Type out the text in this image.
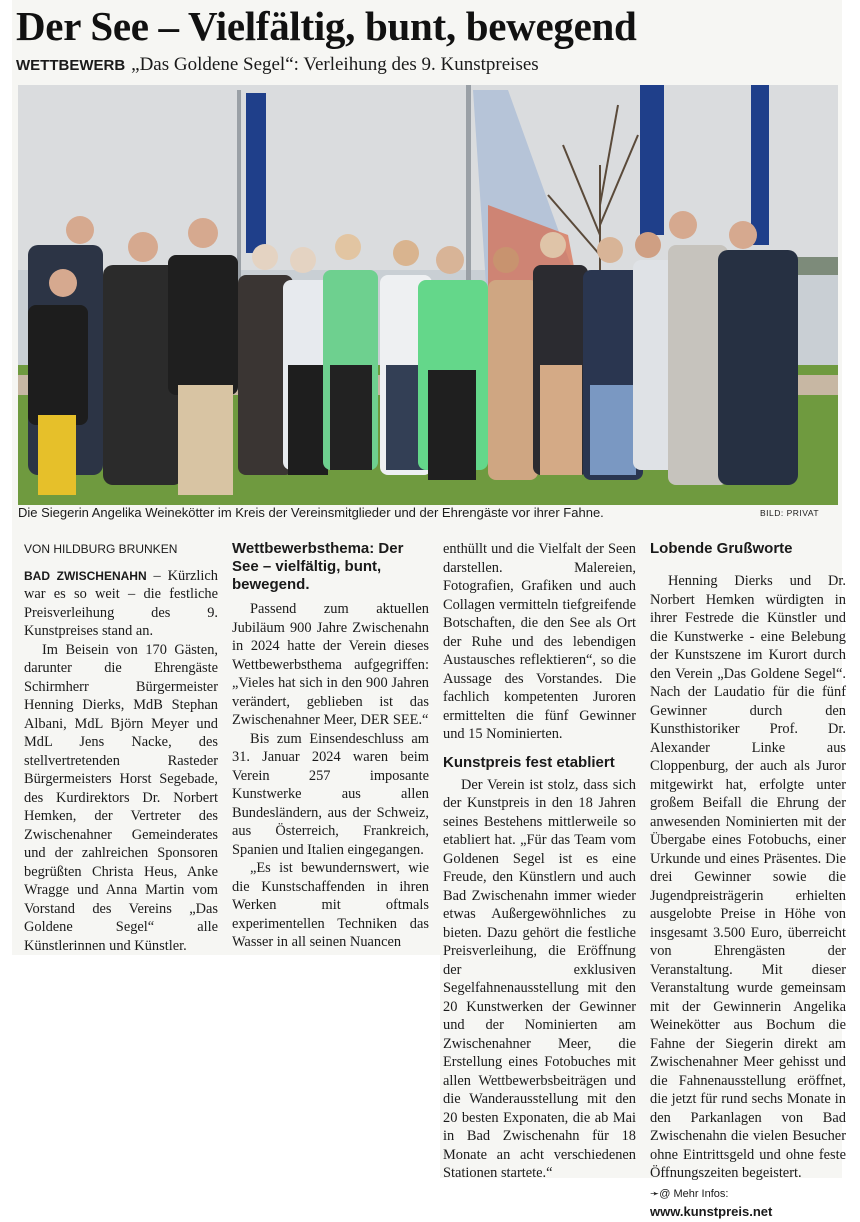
Der See – Vielfältig, bunt, bewegend
WETTBEWERB „Das Goldene Segel“: Verleihung des 9. Kunstpreises
Die Siegerin Angelika Weinekötter im Kreis der Vereinsmitglieder und der Ehrengäste vor ihrer Fahne.	BILD: PRIVAT
VON HILDBURG BRUNKEN

BAD ZWISCHENAHN – Kürzlich war es so weit – die festliche Preisverleihung des 9. Kunstpreises stand an.

Im Beisein von 170 Gästen, darunter die Ehrengäste Schirmherr Bürgermeister Henning Dierks, MdB Stephan Albani, MdL Björn Meyer und MdL Jens Nacke, des stellvertretenden Rasteder Bürgermeisters Horst Segebade, des Kurdirektors Dr. Norbert Hemken, der Vertreter des Zwischenahner Gemeinderates und der zahlreichen Sponsoren begrüßten Christa Heus, Anke Wragge und Anna Martin vom Vorstand des Vereins „Das Goldene Segel“ alle Künstlerinnen und Künstler.

Wettbewerbsthema: Der See – vielfältig, bunt, bewegend.

Passend zum aktuellen Jubiläum 900 Jahre Zwischenahn in 2024 hatte der Verein dieses Wettbewerbsthema aufgegriffen: „Vieles hat sich in den 900 Jahren verändert, geblieben ist das Zwischenahner Meer, DER SEE.“

Bis zum Einsendeschluss am 31. Januar 2024 waren beim Verein 257 imposante Kunstwerke aus allen Bundesländern, aus der Schweiz, aus Österreich, Frankreich, Spanien und Italien eingegangen.

„Es ist bewundernswert, wie die Kunstschaffenden in ihren Werken mit oftmals experimentellen Techniken das Wasser in all seinen Nuancen

enthüllt und die Vielfalt der Seen darstellen. Malereien, Fotografien, Grafiken und auch Collagen vermitteln tiefgreifende Botschaften, die den See als Ort der Ruhe und des lebendigen Austausches reflektieren“, so die Aussage des Vorstandes. Die fachlich kompetenten Juroren ermittelten die fünf Gewinner und 15 Nominierten.

Kunstpreis fest etabliert

Der Verein ist stolz, dass sich der Kunstpreis in den 18 Jahren seines Bestehens mittlerweile so etabliert hat. „Für das Team vom Goldenen Segel ist es eine Freude, den Künstlern und auch Bad Zwischenahn immer wieder etwas Außergewöhnliches zu bieten. Dazu gehört die festliche Preisverleihung, die Eröffnung der exklusiven Segelfahnenausstellung mit den 20 Kunstwerken der Gewinner und der Nominierten am Zwischenahner Meer, die Erstellung eines Fotobuches mit allen Wettbewerbsbeiträgen und die Wanderausstellung mit den 20 besten Exponaten, die ab Mai in Bad Zwischenahn für 18 Monate an acht verschiedenen Stationen startete.“

Lobende Grußworte

Henning Dierks und Dr. Norbert Hemken würdigten in ihrer Festrede die Künstler und die Kunstwerke - eine Belebung der Kunstszene im Kurort durch den Verein „Das Goldene Segel“. Nach der Laudatio für die fünf Gewinner durch den Kunsthistoriker Prof. Dr. Alexander Linke aus Cloppenburg, der auch als Juror mitgewirkt hat, erfolgte unter großem Beifall die Ehrung der anwesenden Nominierten mit der Übergabe eines Fotobuchs, einer Urkunde und eines Präsentes. Die drei Gewinner sowie die Jugendpreisträgerin erhielten ausgelobte Preise in Höhe von insgesamt 3.500 Euro, überreicht von Ehrengästen der Veranstaltung. Mit dieser Veranstaltung wurde gemeinsam mit der Gewinnerin Angelika Weinekötter aus Bochum die Fahne der Siegerin direkt am Zwischenahner Meer gehisst und die Fahnenausstellung eröffnet, die jetzt für rund sechs Monate in den Parkanlagen von Bad Zwischenahn die vielen Besucher ohne Eintrittsgeld und ohne feste Öffnungszeiten begeistert.

➛@ Mehr Infos:
www.kunstpreis.net
